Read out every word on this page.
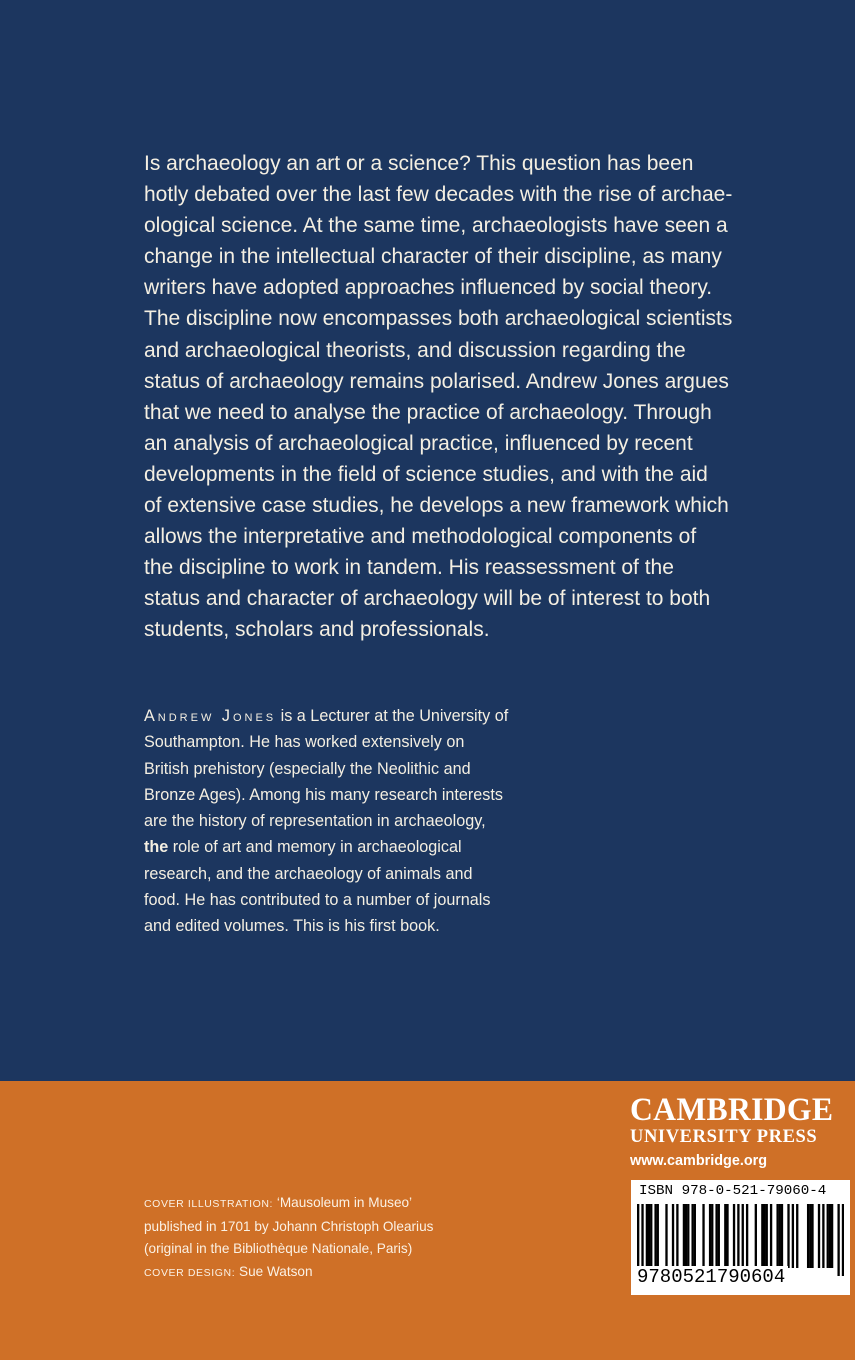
Is archaeology an art or a science? This question has been
hotly debated over the last few decades with the rise of archae-
ological science. At the same time, archaeologists have seen a
change in the intellectual character of their discipline, as many
writers have adopted approaches influenced by social theory.
The discipline now encompasses both archaeological scientists
and archaeological theorists, and discussion regarding the
status of archaeology remains polarised. Andrew Jones argues
that we need to analyse the practice of archaeology. Through
an analysis of archaeological practice, influenced by recent
developments in the field of science studies, and with the aid
of extensive case studies, he develops a new framework which
allows the interpretative and methodological components of
the discipline to work in tandem. His reassessment of the
status and character of archaeology will be of interest to both
students, scholars and professionals.
Andrew Jones is a Lecturer at the University of
Southampton. He has worked extensively on
British prehistory (especially the Neolithic and
Bronze Ages). Among his many research interests
are the history of representation in archaeology,
the role of art and memory in archaeological
research, and the archaeology of animals and
food. He has contributed to a number of journals
and edited volumes. This is his first book.
COVER ILLUSTRATION: ‘Mausoleum in Museo’
published in 1701 by Johann Christoph Olearius
(original in the Bibliothèque Nationale, Paris)
COVER DESIGN: Sue Watson
CAMBRIDGE
UNIVERSITY PRESS
www.cambridge.org
ISBN 978-0-521-79060-4
9780521790604
